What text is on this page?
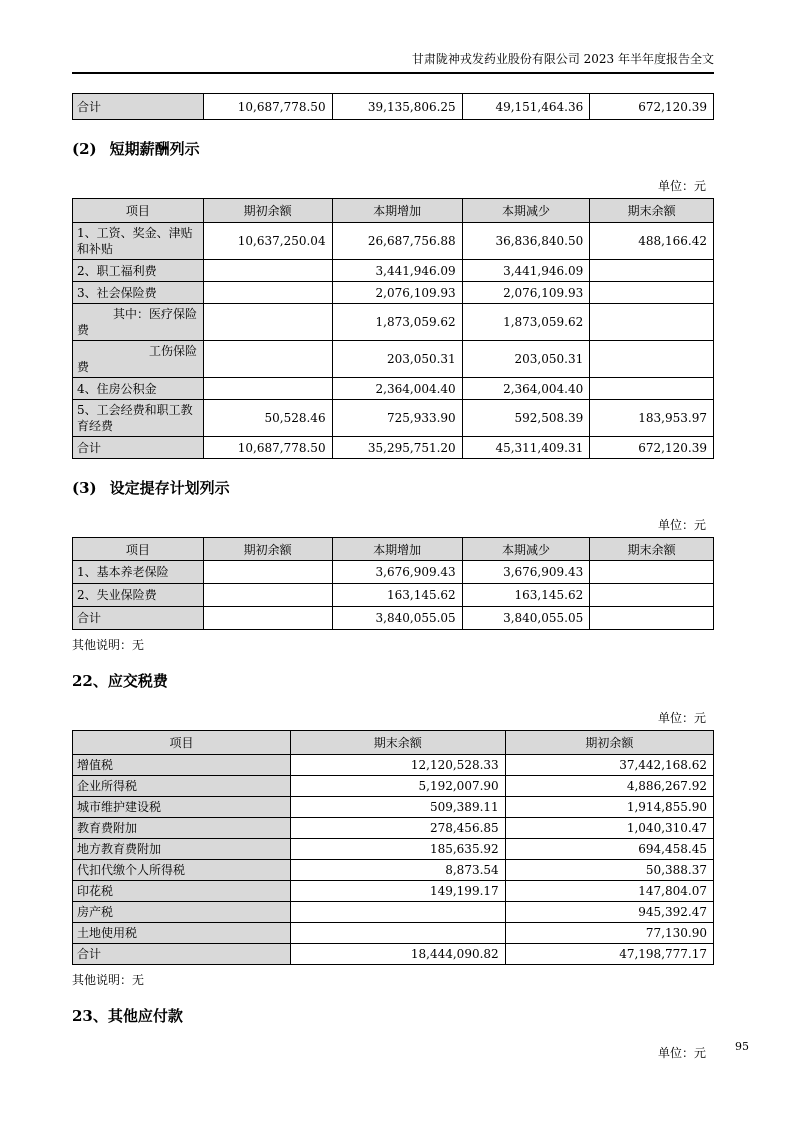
甘肃陇神戎发药业股份有限公司 2023 年半年度报告全文
合计	10,687,778.50	39,135,806.25	49,151,464.36	672,120.39
(2) 短期薪酬列示
单位：元
项目	期初余额	本期增加	本期减少	期末余额
1、工资、奖金、津贴和补贴	10,637,250.04	26,687,756.88	36,836,840.50	488,166.42
2、职工福利费		3,441,946.09	3,441,946.09	
3、社会保险费		2,076,109.93	2,076,109.93	
其中：医疗保险费		1,873,059.62	1,873,059.62	
工伤保险费		203,050.31	203,050.31	
4、住房公积金		2,364,004.40	2,364,004.40	
5、工会经费和职工教育经费	50,528.46	725,933.90	592,508.39	183,953.97
合计	10,687,778.50	35,295,751.20	45,311,409.31	672,120.39
(3) 设定提存计划列示
单位：元
项目	期初余额	本期增加	本期减少	期末余额
1、基本养老保险		3,676,909.43	3,676,909.43	
2、失业保险费		163,145.62	163,145.62	
合计		3,840,055.05	3,840,055.05	
其他说明：无
22、应交税费
单位：元
项目	期末余额	期初余额
增值税	12,120,528.33	37,442,168.62
企业所得税	5,192,007.90	4,886,267.92
城市维护建设税	509,389.11	1,914,855.90
教育费附加	278,456.85	1,040,310.47
地方教育费附加	185,635.92	694,458.45
代扣代缴个人所得税	8,873.54	50,388.37
印花税	149,199.17	147,804.07
房产税		945,392.47
土地使用税		77,130.90
合计	18,444,090.82	47,198,777.17
其他说明：无
23、其他应付款
单位：元	95
